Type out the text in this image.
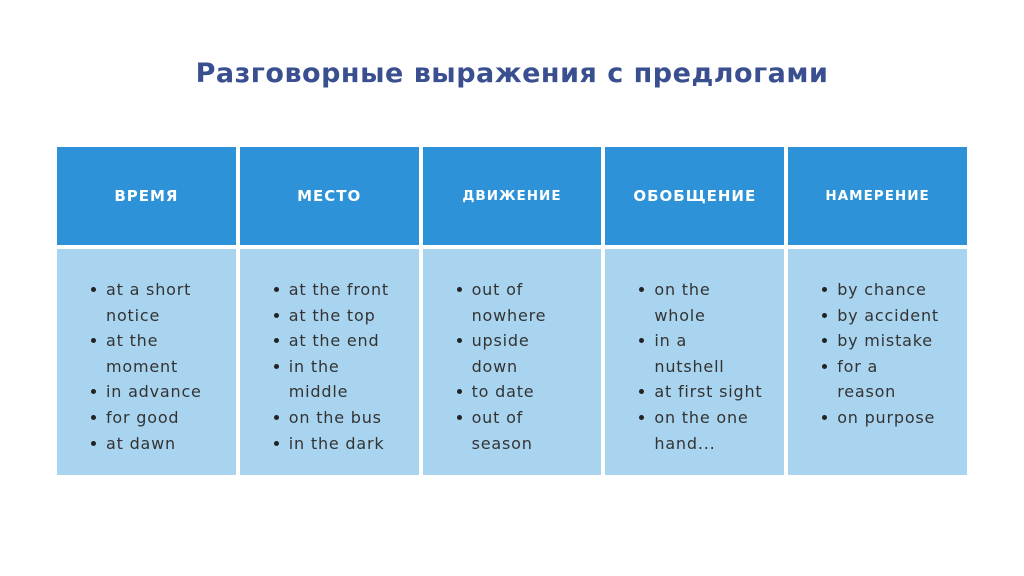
Разговорные выражения с предлогами
ВРЕМЯ
at a short
notice
at the
moment
in advance
for good
at dawn
МЕСТО
at the front
at the top
at the end
in the
middle
on the bus
in the dark
ДВИЖЕНИЕ
out of
nowhere
upside
down
to date
out of
season
ОБОБЩЕНИЕ
on the
whole
in a
nutshell
at first sight
on the one
hand...
НАМЕРЕНИЕ
by chance
by accident
by mistake
for a
reason
on purpose
